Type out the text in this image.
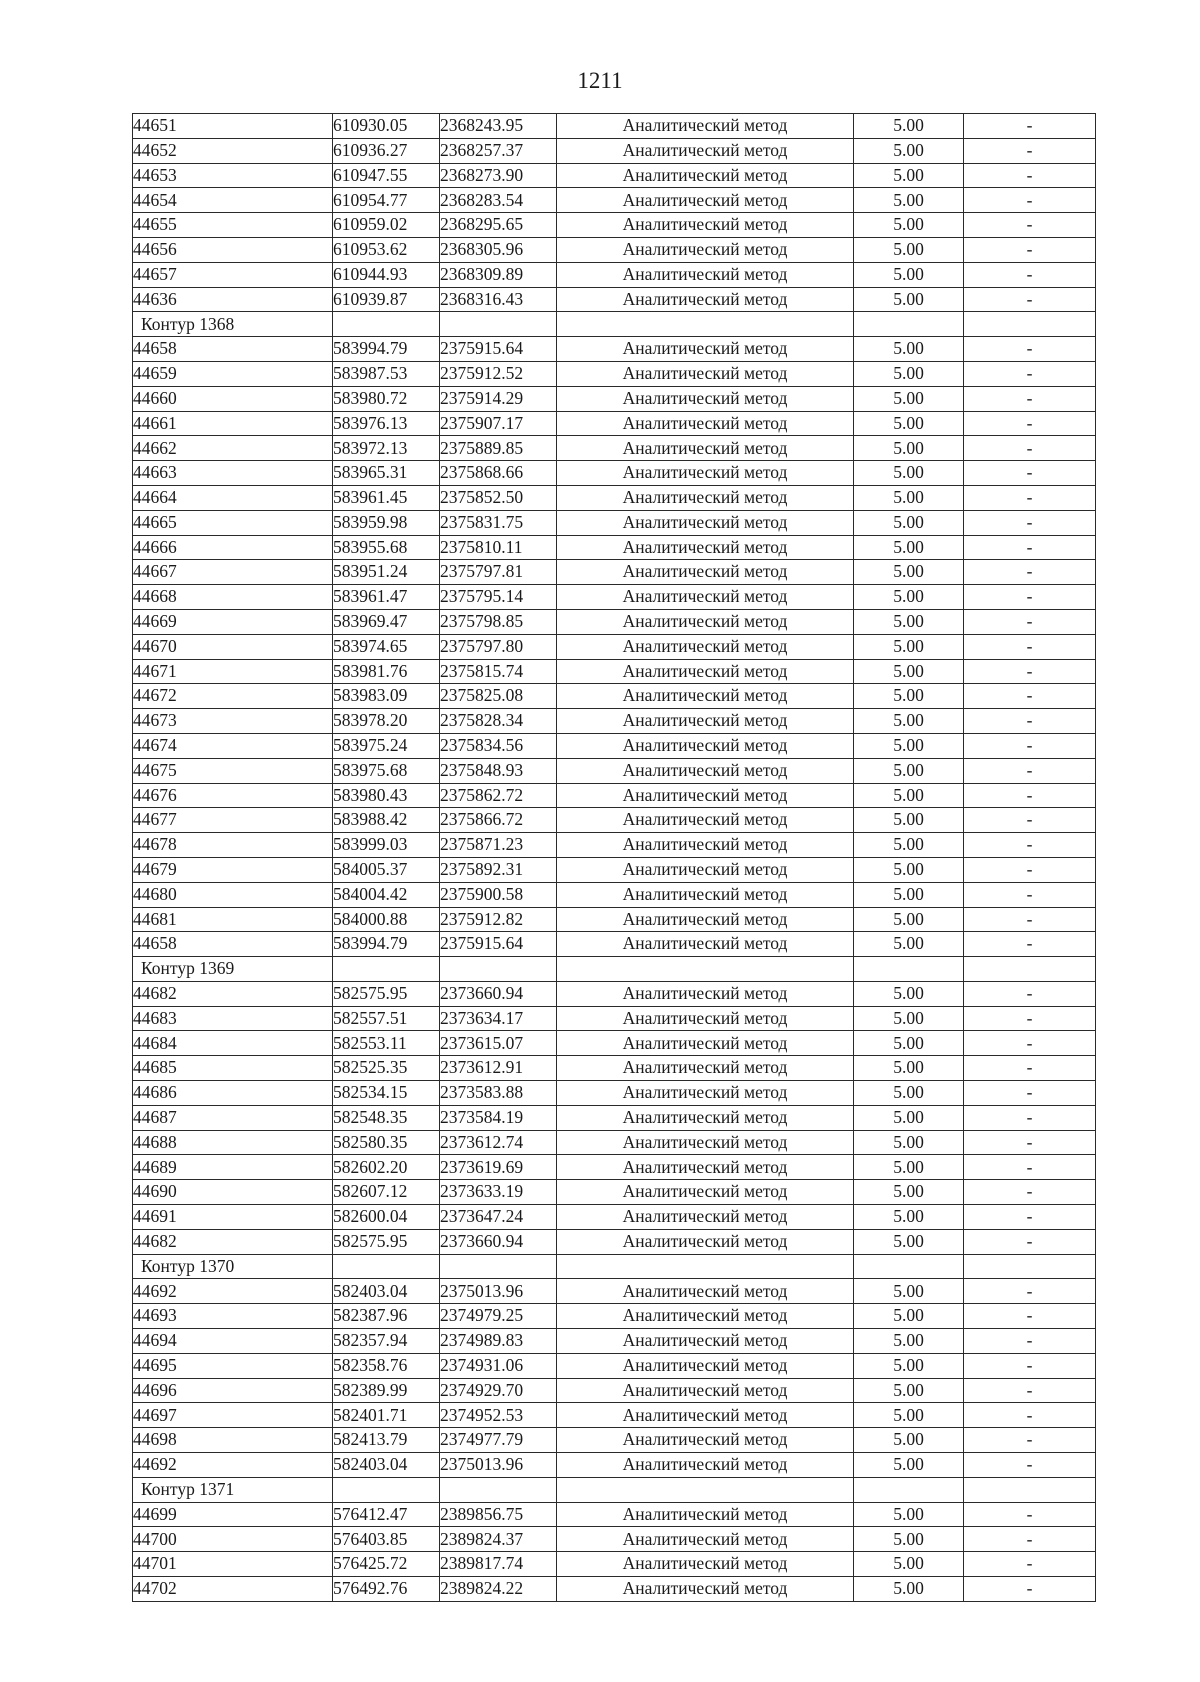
1211
44651	610930.05	2368243.95	Аналитический метод	5.00	-
44652	610936.27	2368257.37	Аналитический метод	5.00	-
44653	610947.55	2368273.90	Аналитический метод	5.00	-
44654	610954.77	2368283.54	Аналитический метод	5.00	-
44655	610959.02	2368295.65	Аналитический метод	5.00	-
44656	610953.62	2368305.96	Аналитический метод	5.00	-
44657	610944.93	2368309.89	Аналитический метод	5.00	-
44636	610939.87	2368316.43	Аналитический метод	5.00	-
Контур 1368					
44658	583994.79	2375915.64	Аналитический метод	5.00	-
44659	583987.53	2375912.52	Аналитический метод	5.00	-
44660	583980.72	2375914.29	Аналитический метод	5.00	-
44661	583976.13	2375907.17	Аналитический метод	5.00	-
44662	583972.13	2375889.85	Аналитический метод	5.00	-
44663	583965.31	2375868.66	Аналитический метод	5.00	-
44664	583961.45	2375852.50	Аналитический метод	5.00	-
44665	583959.98	2375831.75	Аналитический метод	5.00	-
44666	583955.68	2375810.11	Аналитический метод	5.00	-
44667	583951.24	2375797.81	Аналитический метод	5.00	-
44668	583961.47	2375795.14	Аналитический метод	5.00	-
44669	583969.47	2375798.85	Аналитический метод	5.00	-
44670	583974.65	2375797.80	Аналитический метод	5.00	-
44671	583981.76	2375815.74	Аналитический метод	5.00	-
44672	583983.09	2375825.08	Аналитический метод	5.00	-
44673	583978.20	2375828.34	Аналитический метод	5.00	-
44674	583975.24	2375834.56	Аналитический метод	5.00	-
44675	583975.68	2375848.93	Аналитический метод	5.00	-
44676	583980.43	2375862.72	Аналитический метод	5.00	-
44677	583988.42	2375866.72	Аналитический метод	5.00	-
44678	583999.03	2375871.23	Аналитический метод	5.00	-
44679	584005.37	2375892.31	Аналитический метод	5.00	-
44680	584004.42	2375900.58	Аналитический метод	5.00	-
44681	584000.88	2375912.82	Аналитический метод	5.00	-
44658	583994.79	2375915.64	Аналитический метод	5.00	-
Контур 1369					
44682	582575.95	2373660.94	Аналитический метод	5.00	-
44683	582557.51	2373634.17	Аналитический метод	5.00	-
44684	582553.11	2373615.07	Аналитический метод	5.00	-
44685	582525.35	2373612.91	Аналитический метод	5.00	-
44686	582534.15	2373583.88	Аналитический метод	5.00	-
44687	582548.35	2373584.19	Аналитический метод	5.00	-
44688	582580.35	2373612.74	Аналитический метод	5.00	-
44689	582602.20	2373619.69	Аналитический метод	5.00	-
44690	582607.12	2373633.19	Аналитический метод	5.00	-
44691	582600.04	2373647.24	Аналитический метод	5.00	-
44682	582575.95	2373660.94	Аналитический метод	5.00	-
Контур 1370					
44692	582403.04	2375013.96	Аналитический метод	5.00	-
44693	582387.96	2374979.25	Аналитический метод	5.00	-
44694	582357.94	2374989.83	Аналитический метод	5.00	-
44695	582358.76	2374931.06	Аналитический метод	5.00	-
44696	582389.99	2374929.70	Аналитический метод	5.00	-
44697	582401.71	2374952.53	Аналитический метод	5.00	-
44698	582413.79	2374977.79	Аналитический метод	5.00	-
44692	582403.04	2375013.96	Аналитический метод	5.00	-
Контур 1371					
44699	576412.47	2389856.75	Аналитический метод	5.00	-
44700	576403.85	2389824.37	Аналитический метод	5.00	-
44701	576425.72	2389817.74	Аналитический метод	5.00	-
44702	576492.76	2389824.22	Аналитический метод	5.00	-
